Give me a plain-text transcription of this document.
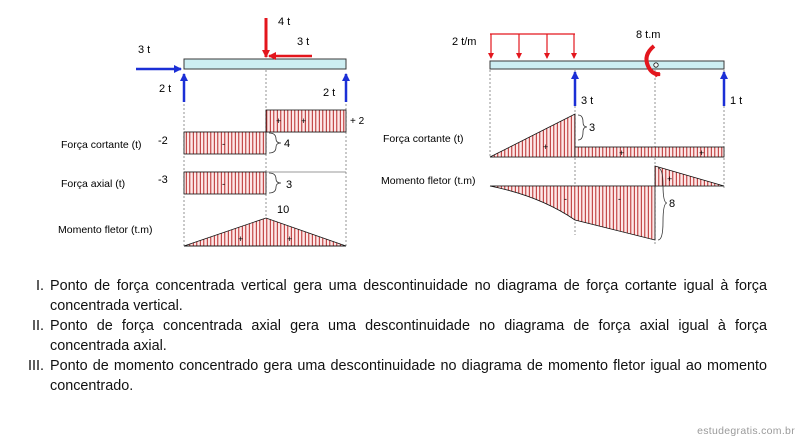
4 t
3 t
3 t
2 t	2 t
Força cortante (t) -2	-
+ +	+ 2
4
Força axial (t)	-3	-	3
Momento fletor (t.m)
10
+	+
2 t/m
8 t.m
3 t	1 t
Força cortante (t)
+
+	+
3
Momento fletor (t.m)
-	-
+
8
I. Ponto de força concentrada vertical gera uma descontinuidade no diagrama de força cortante igual à força concentrada vertical.
II. Ponto de força concentrada axial gera uma descontinuidade no diagrama de força axial igual à força concentrada axial.
III. Ponto de momento concentrado gera uma descontinuidade no diagrama de momento fletor igual ao momento concentrado.
estudegratis.com.br
